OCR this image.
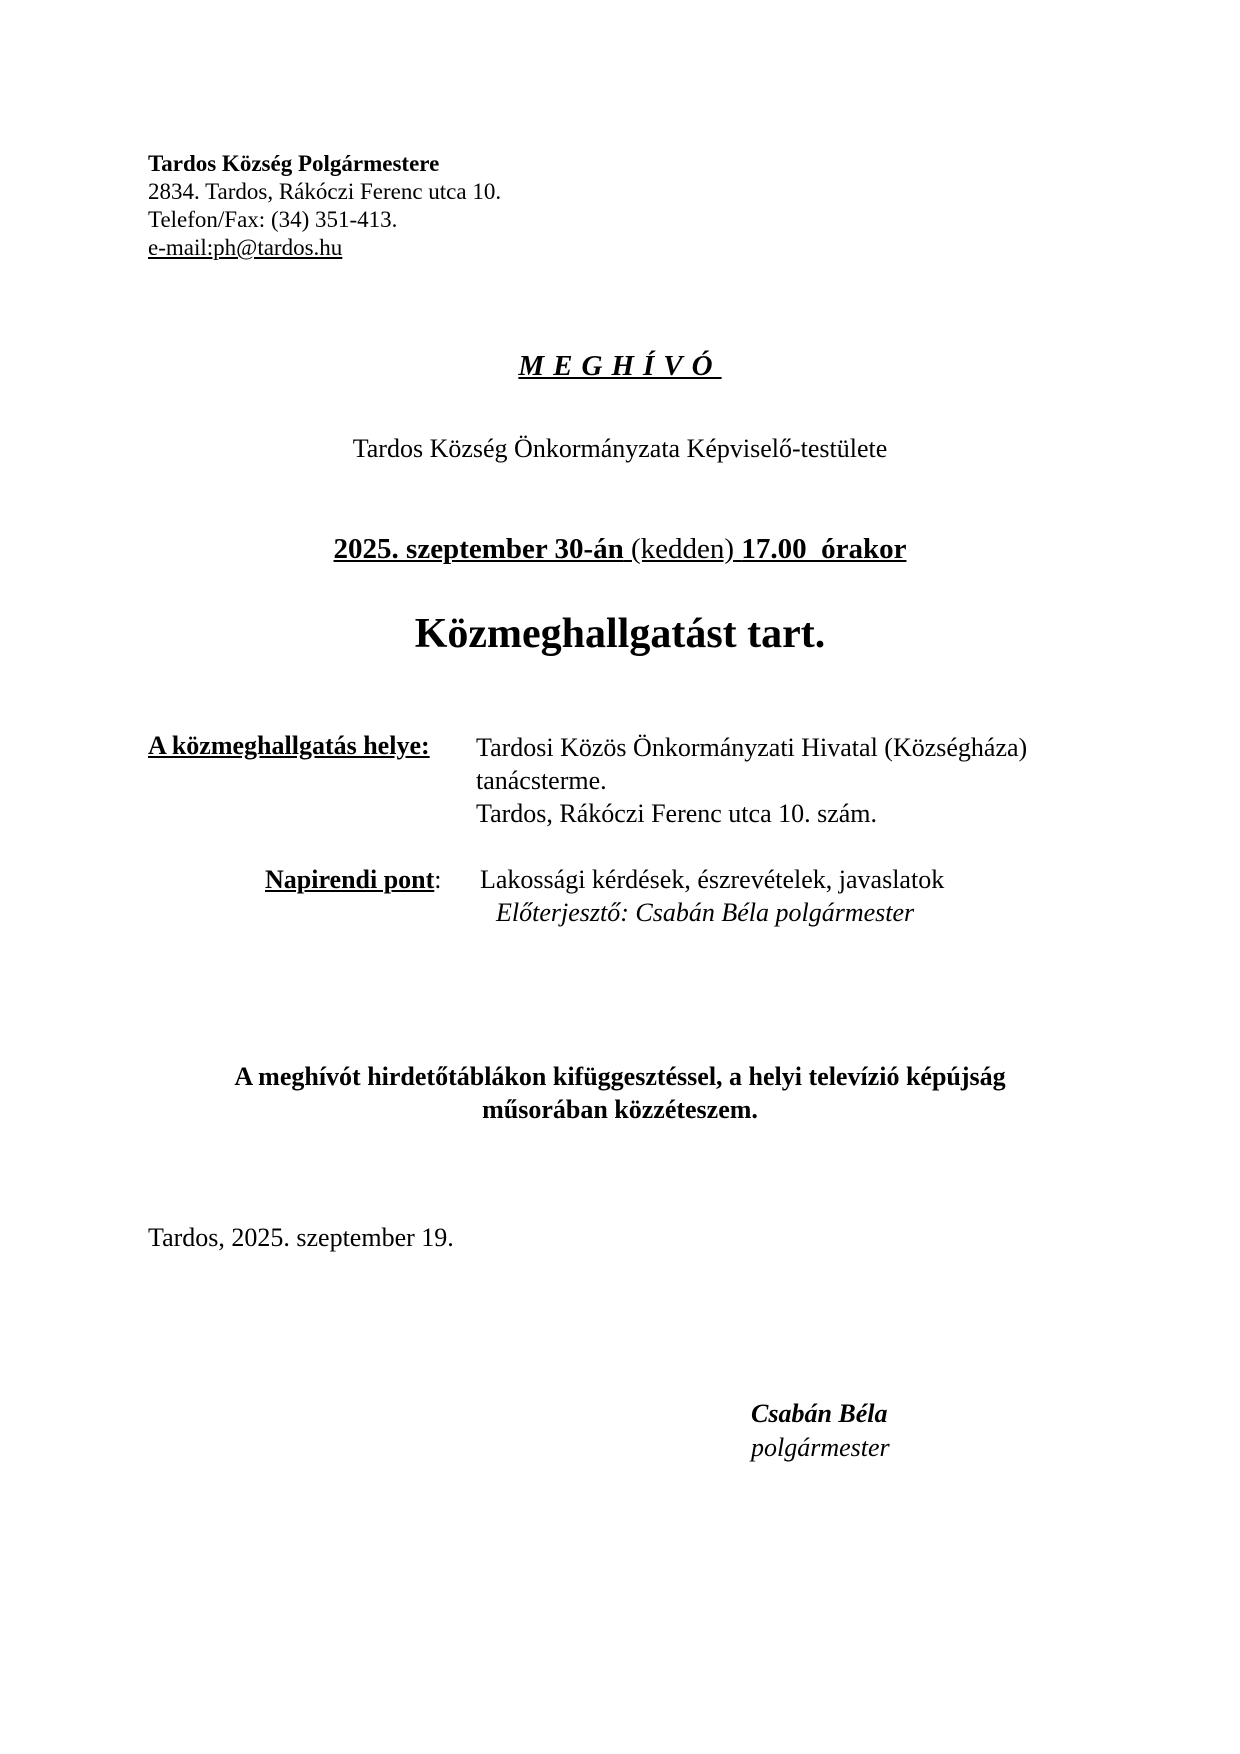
Tardos Község Polgármestere
2834. Tardos, Rákóczi Ferenc utca 10.
Telefon/Fax: (34) 351-413.
e-mail:ph@tardos.hu
MEGHÍVÓ
Tardos Község Önkormányzata Képviselő-testülete
2025. szeptember 30-án (kedden) 17.00  órakor
Közmeghallgatást tart.
A közmeghallgatás helye: Tardosi Közös Önkormányzati Hivatal (Községháza)
tanácsterme.
Tardos, Rákóczi Ferenc utca 10. szám.
Napirendi pont: Lakossági kérdések, észrevételek, javaslatok
Előterjesztő: Csabán Béla polgármester
A meghívót hirdetőtáblákon kifüggesztéssel, a helyi televízió képújság
műsorában közzéteszem.
Tardos, 2025. szeptember 19.
Csabán Béla
polgármester
